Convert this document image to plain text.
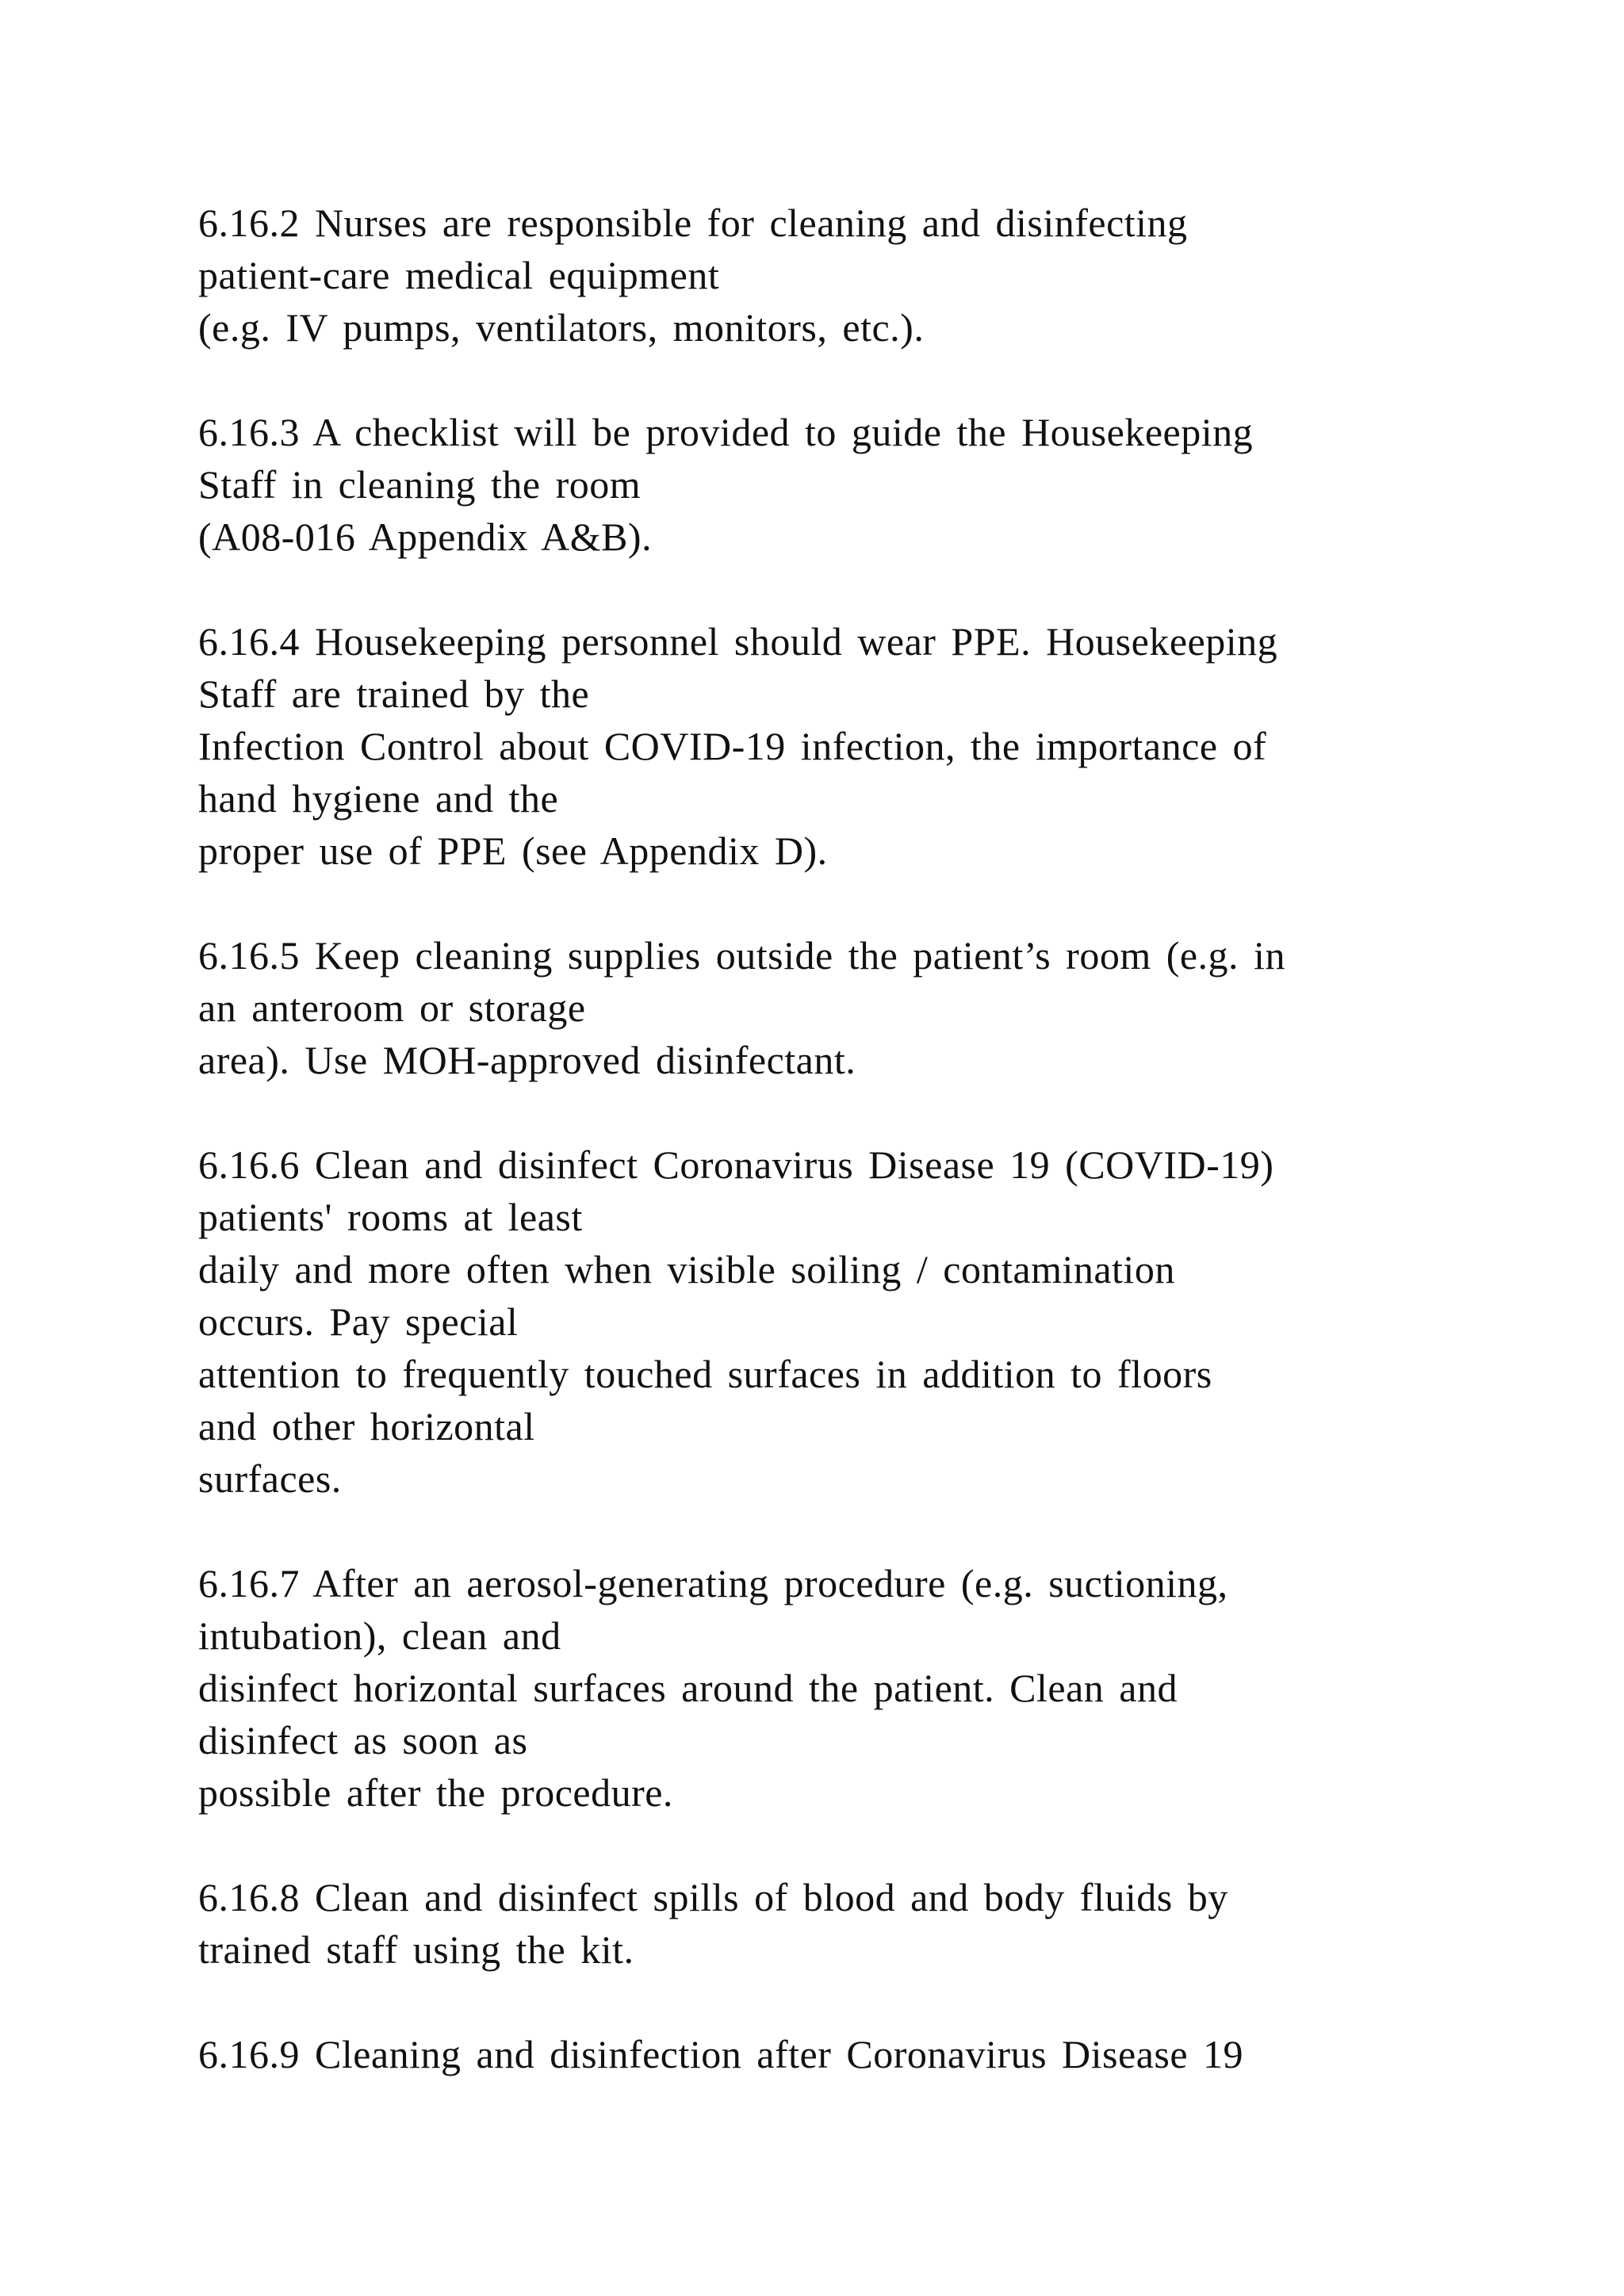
6.16.2 Nurses are responsible for cleaning and disinfecting
patient-care medical equipment
(e.g. IV pumps, ventilators, monitors, etc.).
6.16.3 A checklist will be provided to guide the Housekeeping
Staff in cleaning the room
(A08-016 Appendix A&B).
6.16.4 Housekeeping personnel should wear PPE. Housekeeping
Staff are trained by the
Infection Control about COVID-19 infection, the importance of
hand hygiene and the
proper use of PPE (see Appendix D).
6.16.5 Keep cleaning supplies outside the patient’s room (e.g. in
an anteroom or storage
area). Use MOH-approved disinfectant.
6.16.6 Clean and disinfect Coronavirus Disease 19 (COVID-19)
patients' rooms at least
daily and more often when visible soiling / contamination
occurs. Pay special
attention to frequently touched surfaces in addition to floors
and other horizontal
surfaces.
6.16.7 After an aerosol-generating procedure (e.g. suctioning,
intubation), clean and
disinfect horizontal surfaces around the patient. Clean and
disinfect as soon as
possible after the procedure.
6.16.8 Clean and disinfect spills of blood and body fluids by
trained staff using the kit.
6.16.9 Cleaning and disinfection after Coronavirus Disease 19
